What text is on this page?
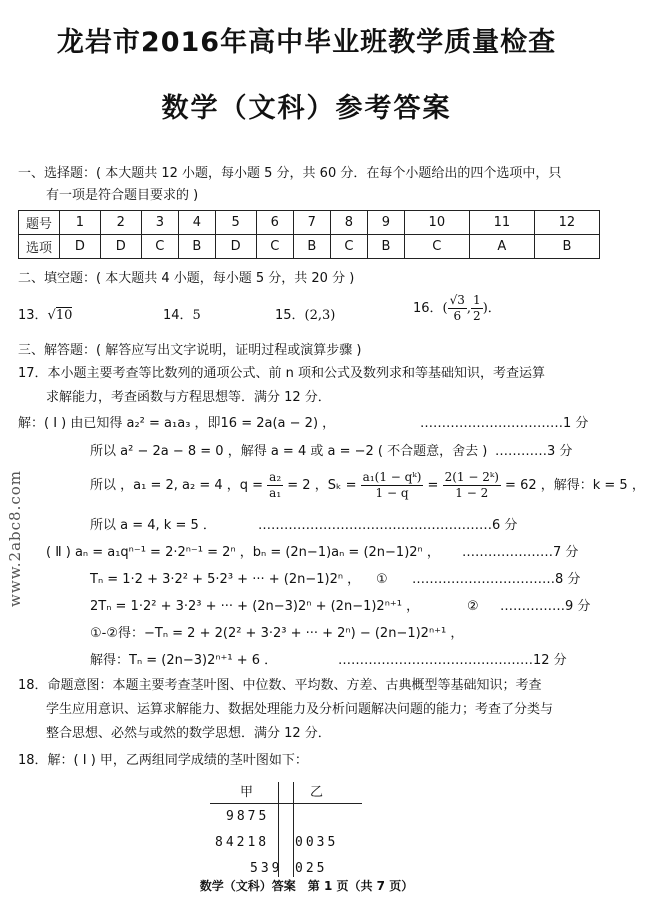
龙岩市2016年高中毕业班教学质量检查
数学（文科）参考答案
一、选择题：( 本大题共 12 小题，每小题 5 分，共 60 分．在每个小题给出的四个选项中，只
有一项是符合题目要求的 )
题号	1	2	3	4	5	6	7	8	9	10	11	12
选项	D	D	C	B	D	C	B	C	B	C	A	B
二、填空题：( 本大题共 4 小题，每小题 5 分，共 20 分 )
13．√10	14．5	15．(2,3)	16．( $\frac{√3}{6}$ , $\frac{1}{2}$ )．
三、解答题：( 解答应写出文字说明，证明过程或演算步骤 )
17．本小题主要考查等比数列的通项公式、前 n 项和公式及数列求和等基础知识，考查运算
求解能力，考查函数与方程思想等．满分 12 分．
解：( Ⅰ ) 由已知得 a₂² = a₁a₃ ，即16 = 2a(a − 2) ，	……………………………1 分
所以 a² − 2a − 8 = 0 ，解得 a = 4 或 a = −2 ( 不合题意，舍去 ) …………3 分
所以 ，a₁ = 2, a₂ = 4 ，$q = \frac{\text{a₂}}{\text{a₁}} = 2$ ，$S_k = \frac{\text{a₁(1 − qᵏ)}}{1 - q} = \frac{\text{2(1 − 2ᵏ)}}{1 - 2} = 62$ ，解得：k = 5 ，
所以 a = 4, k = 5 ．	………………………………………………6 分
( Ⅱ ) aₙ = a₁qⁿ⁻¹ = 2·2ⁿ⁻¹ = 2ⁿ ，bₙ = (2n−1)aₙ = (2n−1)2ⁿ ， …………………7 分
Tₙ = 1·2 + 3·2² + 5·2³ + ··· + (2n−1)2ⁿ ， ① ……………………………8 分
2Tₙ = 1·2² + 3·2³ + ··· + (2n−3)2ⁿ + (2n−1)2ⁿ⁺¹ ，	② ……………9 分
①-②得：−Tₙ = 2 + 2(2² + 3·2³ + ··· + 2ⁿ) − (2n−1)2ⁿ⁺¹ ，
解得：Tₙ = (2n−3)2ⁿ⁺¹ + 6 ．	………………………………………12 分
18．命题意图：本题主要考查茎叶图、中位数、平均数、方差、古典概型等基础知识；考查
学生应用意识、运算求解能力、数据处理能力及分析问题解决问题的能力；考查了分类与
整合思想、必然与或然的数学思想．满分 12 分．
18．解：( Ⅰ ) 甲，乙两组同学成绩的茎叶图如下：
甲	乙
9875
84218 0035
539 025
www.2abc8.com
数学（文科）答案　第 1 页（共 7 页）
